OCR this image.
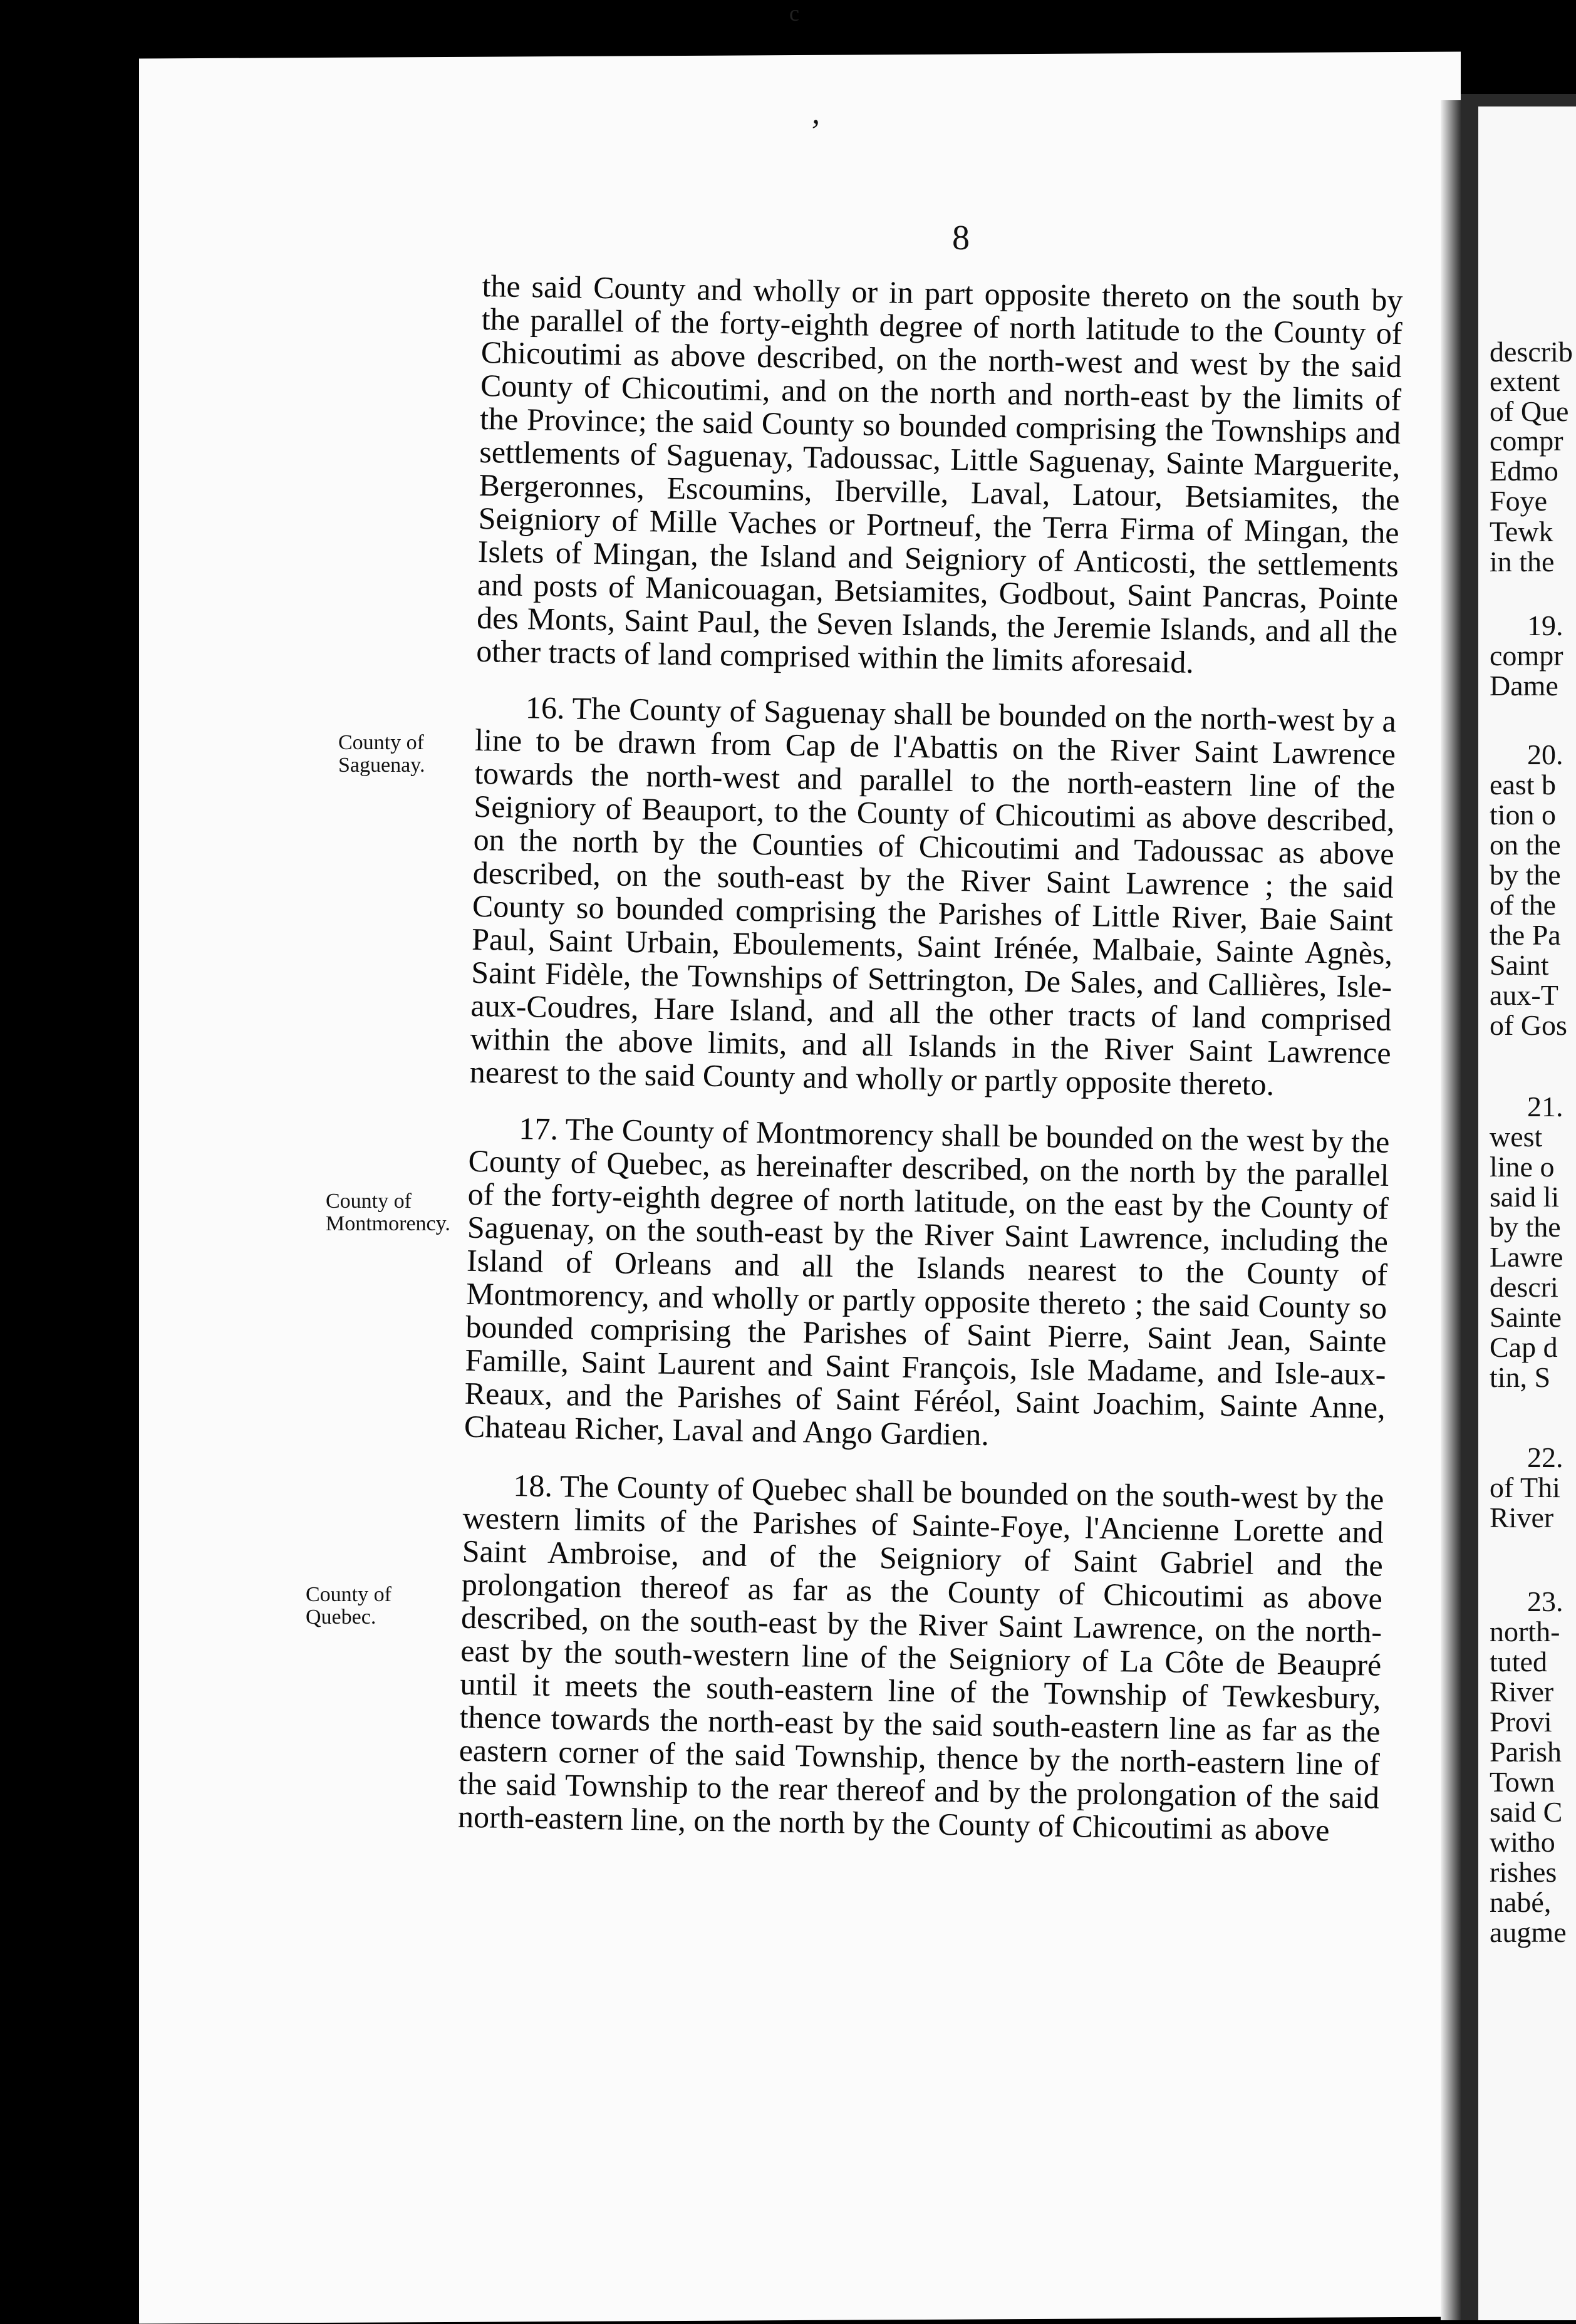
c
’
8

the said County and wholly or in part opposite thereto on the south by the parallel of the forty-eighth degree of north latitude to the County of Chicoutimi as above described, on the north-west and west by the said County of Chicoutimi, and on the north and north-east by the limits of the Province; the said County so bounded comprising the Townships and settlements of Saguenay, Tadoussac, Little Saguenay, Sainte Marguerite, Bergeronnes, Escoumins, Iberville, Laval, Latour, Betsiamites, the Seigniory of Mille Vaches or Portneuf, the Terra Firma of Mingan, the Islets of Mingan, the Island and Seigniory of Anticosti, the settlements and posts of Manicouagan, Betsiamites, Godbout, Saint Pancras, Pointe des Monts, Saint Paul, the Seven Islands, the Jeremie Islands, and all the other tracts of land comprised within the limits aforesaid.

16. The County of Saguenay shall be bounded on the north-west by a line to be drawn from Cap de l'Abattis on the River Saint Lawrence towards the north-west and parallel to the north-eastern line of the Seigniory of Beauport, to the County of Chicoutimi as above described, on the north by the Counties of Chicoutimi and Tadoussac as above described, on the south-east by the River Saint Lawrence ; the said County so bounded comprising the Parishes of Little River, Baie Saint Paul, Saint Urbain, Eboulements, Saint Irénée, Malbaie, Sainte Agnès, Saint Fidèle, the Townships of Settrington, De Sales, and Callières, Isle-aux-Coudres, Hare Island, and all the other tracts of land comprised within the above limits, and all Islands in the River Saint Lawrence nearest to the said County and wholly or partly opposite thereto.

17. The County of Montmorency shall be bounded on the west by the County of Quebec, as hereinafter described, on the north by the parallel of the forty-eighth degree of north latitude, on the east by the County of Saguenay, on the south-east by the River Saint Lawrence, including the Island of Orleans and all the Islands nearest to the County of Montmorency, and wholly or partly opposite thereto ; the said County so bounded comprising the Parishes of Saint Pierre, Saint Jean, Sainte Famille, Saint Laurent and Saint François, Isle Madame, and Isle-aux-Reaux, and the Parishes of Saint Féréol, Saint Joachim, Sainte Anne, Chateau Richer, Laval and Ango Gardien.

18. The County of Quebec shall be bounded on the south-west by the western limits of the Parishes of Sainte-Foye, l'Ancienne Lorette and Saint Ambroise, and of the Seigniory of Saint Gabriel and the prolongation thereof as far as the County of Chicoutimi as above described, on the south-east by the River Saint Lawrence, on the north-east by the south-western line of the Seigniory of La Côte de Beaupré until it meets the south-eastern line of the Township of Tewkesbury, thence towards the north-east by the said south-eastern line as far as the eastern corner of the said Township, thence by the north-eastern line of the said Township to the rear thereof and by the prolongation of the said north-eastern line, on the north by the County of Chicoutimi as above

County of Saguenay.
County of Montmorency.
County of Quebec.
describ
extent
of Que
compr
Edmo
Foye
Tewk
in the
19.
compr
Dame
20.
east b
tion o
on the
by the
of the
the Pa
Saint
aux-T
of Gos
21.
west
line o
said li
by the
Lawre
descri
Sainte
Cap d
tin, S
22.
of Thi
River
23.
north-
tuted
River
Provi
Parish
Town
said C
witho
rishes
nabé,
augme
